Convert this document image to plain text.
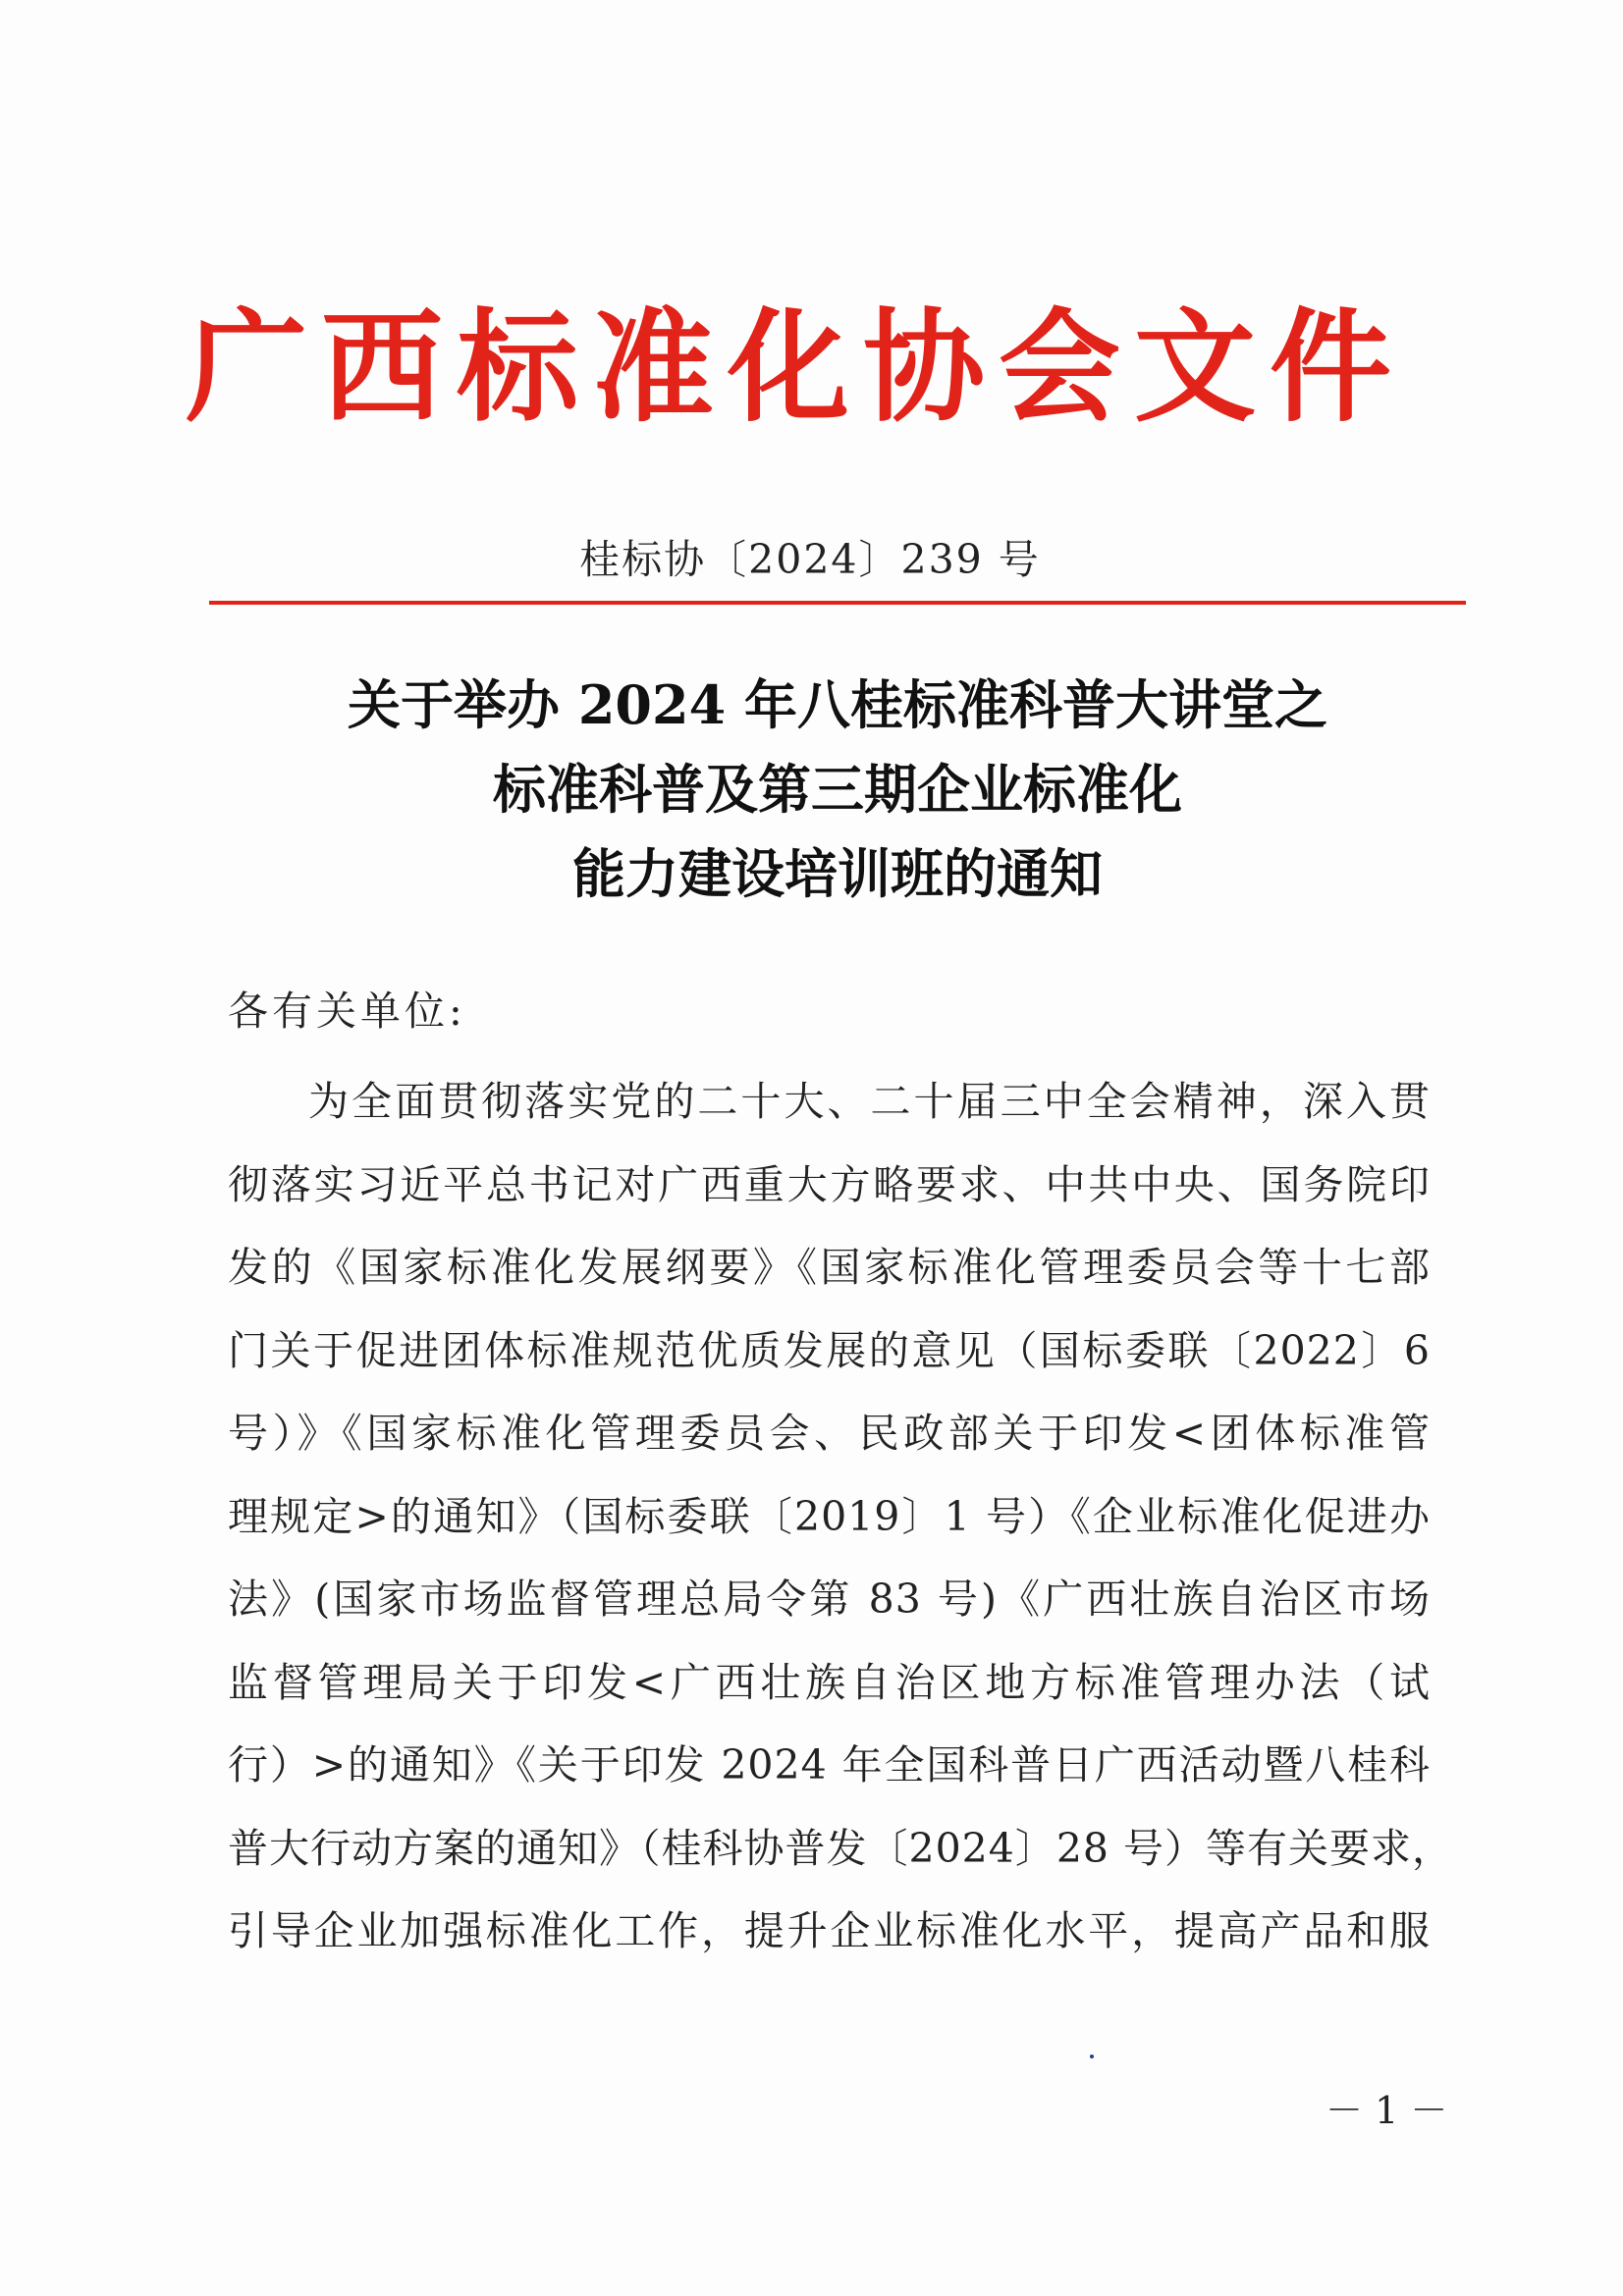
广西标准化协会文件
桂标协〔2024〕239 号
关于举办 2024 年八桂标准科普大讲堂之
标准科普及第三期企业标准化
能力建设培训班的通知
各有关单位:
为全面贯彻落实党的二十大、二十届三中全会精神，深入贯
彻落实习近平总书记对广西重大方略要求、中共中央、国务院印
发的《国家标准化发展纲要》《国家标准化管理委员会等十七部
门关于促进团体标准规范优质发展的意见（国标委联〔2022〕6
号）》《国家标准化管理委员会、民政部关于印发<团体标准管
理规定>的通知》（国标委联〔2019〕1 号）《企业标准化促进办
法》(国家市场监督管理总局令第 83 号)《广西壮族自治区市场
监督管理局关于印发<广西壮族自治区地方标准管理办法（试
行）>的通知》《关于印发 2024 年全国科普日广西活动暨八桂科
普大行动方案的通知》（桂科协普发〔2024〕28 号）等有关要求，
引导企业加强标准化工作，提升企业标准化水平，提高产品和服
－ 1 －
